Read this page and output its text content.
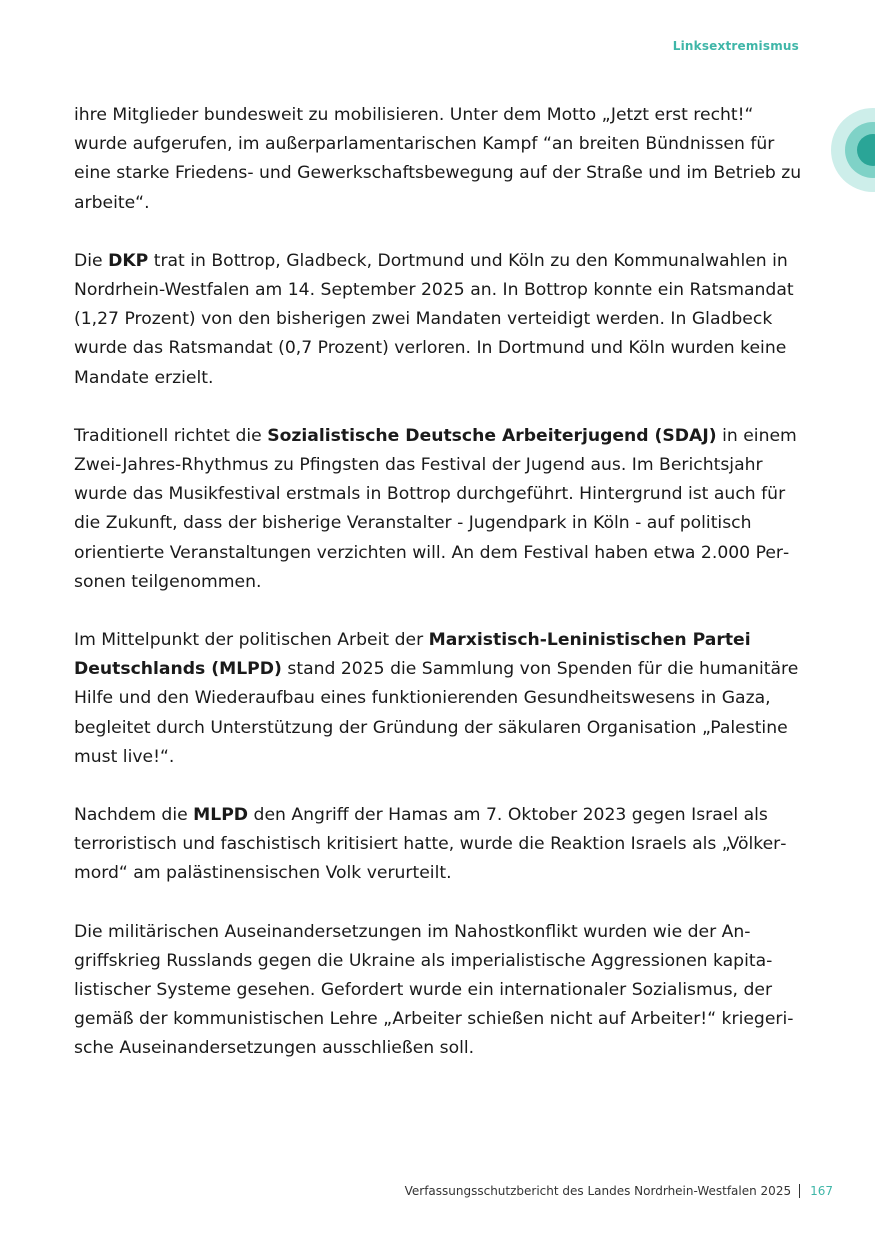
Linksextremismus

ihre Mitglieder bundesweit zu mobilisieren. Unter dem Motto „Jetzt erst recht!“ wurde aufgerufen, im außerparlamentarischen Kampf “an breiten Bündnissen für eine starke Friedens- und Gewerkschaftsbewegung auf der Straße und im Betrieb zu arbeite“.

Die DKP trat in Bottrop, Gladbeck, Dortmund und Köln zu den Kommunalwahlen in Nordrhein-Westfalen am 14. September 2025 an. In Bottrop konnte ein Ratsmandat (1,27 Prozent) von den bisherigen zwei Mandaten verteidigt werden. In Gladbeck wurde das Ratsmandat (0,7 Prozent) verloren. In Dortmund und Köln wurden keine Mandate erzielt.

Traditionell richtet die Sozialistische Deutsche Arbeiterjugend (SDAJ) in einem Zwei-Jahres-Rhythmus zu Pfingsten das Festival der Jugend aus. Im Berichtsjahr wurde das Musikfestival erstmals in Bottrop durchgeführt. Hintergrund ist auch für die Zukunft, dass der bisherige Veranstalter - Jugendpark in Köln - auf politisch orientierte Veranstaltungen verzichten will. An dem Festival haben etwa 2.000 Personen teilgenommen.

Im Mittelpunkt der politischen Arbeit der Marxistisch-Leninistischen Partei Deutschlands (MLPD) stand 2025 die Sammlung von Spenden für die humanitäre Hilfe und den Wiederaufbau eines funktionierenden Gesundheitswesens in Gaza, begleitet durch Unterstützung der Gründung der säkularen Organisation „Palestine must live!“.

Nachdem die MLPD den Angriff der Hamas am 7. Oktober 2023 gegen Israel als terroristisch und faschistisch kritisiert hatte, wurde die Reaktion Israels als „Völkermord“ am palästinensischen Volk verurteilt.

Die militärischen Auseinandersetzungen im Nahostkonflikt wurden wie der Angriffskrieg Russlands gegen die Ukraine als imperialistische Aggressionen kapitalistischer Systeme gesehen. Gefordert wurde ein internationaler Sozialismus, der gemäß der kommunistischen Lehre „Arbeiter schießen nicht auf Arbeiter!“ kriegerische Auseinandersetzungen ausschließen soll.

Verfassungsschutzbericht des Landes Nordrhein-Westfalen 2025 167
